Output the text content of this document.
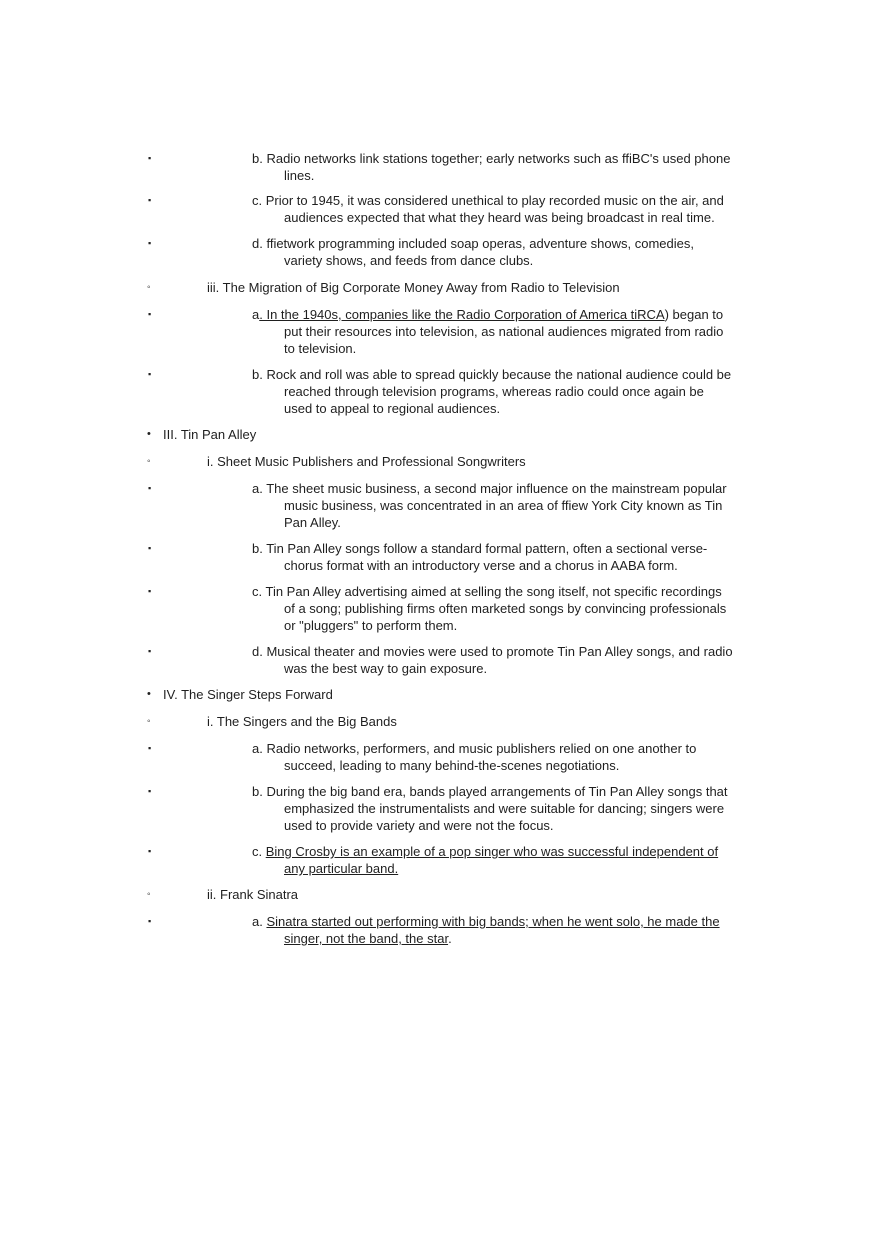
▪	b. Radio networks link stations together; early networks such as ffiBC's used phone lines.
▪	c. Prior to 1945, it was considered unethical to play recorded music on the air, and audiences expected that what they heard was being broadcast in real time.
▪	d. ffietwork programming included soap operas, adventure shows, comedies, variety shows, and feeds from dance clubs.
◦	iii. The Migration of Big Corporate Money Away from Radio to Television
▪	a. In the 1940s, companies like the Radio Corporation of America tiRCA) began to put their resources into television, as national audiences migrated from radio to television.
▪	b. Rock and roll was able to spread quickly because the national audience could be reached through television programs, whereas radio could once again be used to appeal to regional audiences.
• III. Tin Pan Alley
◦	i. Sheet Music Publishers and Professional Songwriters
▪	a. The sheet music business, a second major influence on the mainstream popular music business, was concentrated in an area of ffiew York City known as Tin Pan Alley.
▪	b. Tin Pan Alley songs follow a standard formal pattern, often a sectional verse-chorus format with an introductory verse and a chorus in AABA form.
▪	c. Tin Pan Alley advertising aimed at selling the song itself, not specific recordings of a song; publishing firms often marketed songs by convincing professionals or "pluggers" to perform them.
▪	d. Musical theater and movies were used to promote Tin Pan Alley songs, and radio was the best way to gain exposure.
• IV. The Singer Steps Forward
◦	i. The Singers and the Big Bands
▪	a. Radio networks, performers, and music publishers relied on one another to succeed, leading to many behind-the-scenes negotiations.
▪	b. During the big band era, bands played arrangements of Tin Pan Alley songs that emphasized the instrumentalists and were suitable for dancing; singers were used to provide variety and were not the focus.
▪	c. Bing Crosby is an example of a pop singer who was successful independent of any particular band.
◦	ii. Frank Sinatra
▪	a. Sinatra started out performing with big bands; when he went solo, he made the singer, not the band, the star.
